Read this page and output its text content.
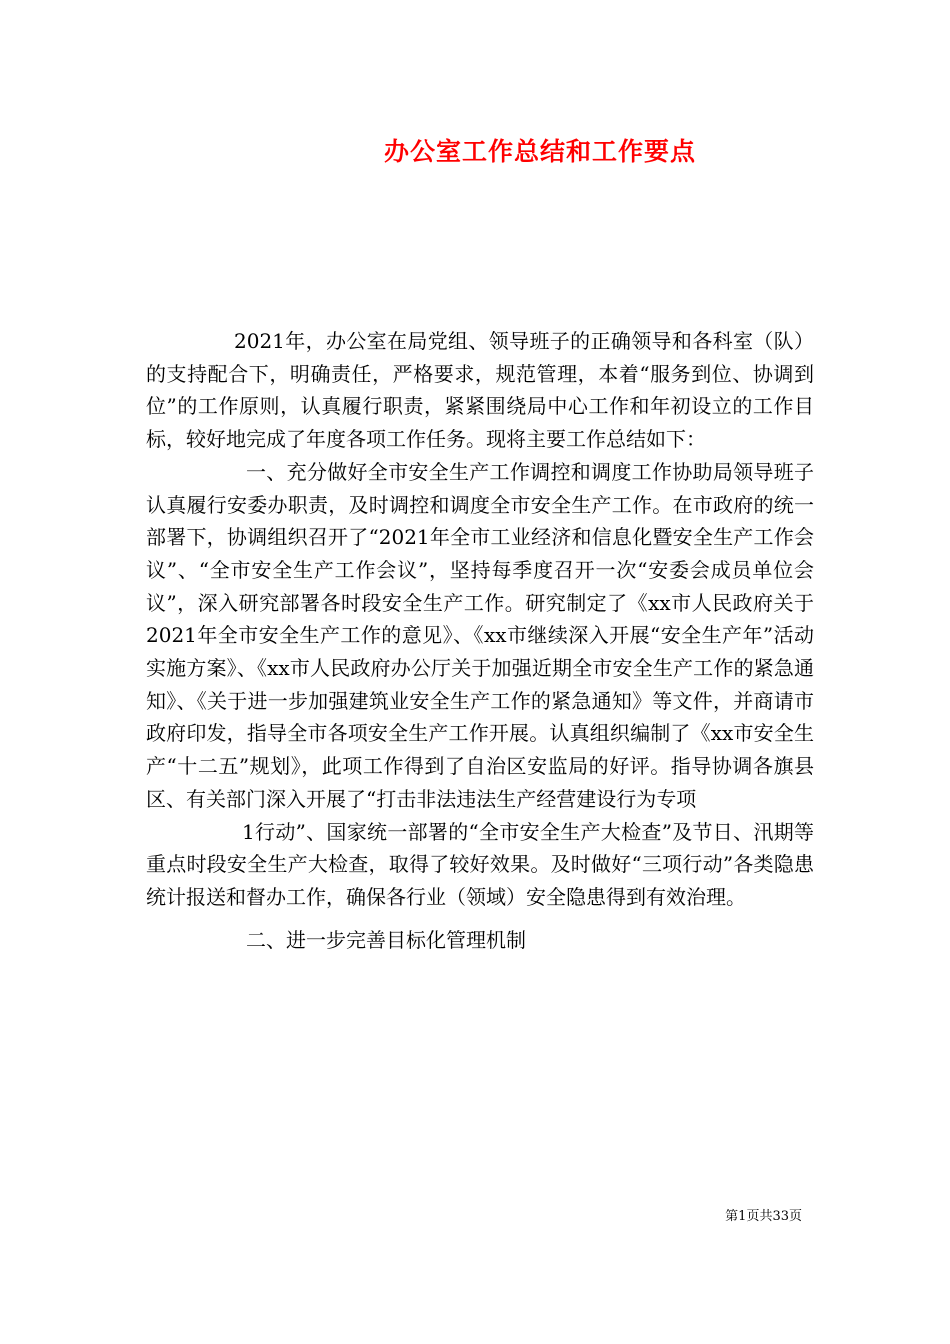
办公室工作总结和工作要点

2021年，办公室在局党组、领导班子的正确领导和各科室（队）的支持配合下，明确责任，严格要求，规范管理，本着“服务到位、协调到位”的工作原则，认真履行职责，紧紧围绕局中心工作和年初设立的工作目标，较好地完成了年度各项工作任务。现将主要工作总结如下：

一、充分做好全市安全生产工作调控和调度工作协助局领导班子认真履行安委办职责，及时调控和调度全市安全生产工作。在市政府的统一部署下，协调组织召开了“2021年全市工业经济和信息化暨安全生产工作会议”、“全市安全生产工作会议”，坚持每季度召开一次“安委会成员单位会议”，深入研究部署各时段安全生产工作。研究制定了《xx市人民政府关于2021年全市安全生产工作的意见》、《xx市继续深入开展“安全生产年”活动实施方案》、《xx市人民政府办公厅关于加强近期全市安全生产工作的紧急通知》、《关于进一步加强建筑业安全生产工作的紧急通知》等文件，并商请市政府印发，指导全市各项安全生产工作开展。认真组织编制了《xx市安全生产“十二五”规划》，此项工作得到了自治区安监局的好评。指导协调各旗县区、有关部门深入开展了“打击非法违法生产经营建设行为专项

1行动”、国家统一部署的“全市安全生产大检查”及节日、汛期等重点时段安全生产大检查，取得了较好效果。及时做好“三项行动”各类隐患统计报送和督办工作，确保各行业（领域）安全隐患得到有效治理。

二、进一步完善目标化管理机制

第1页共33页
